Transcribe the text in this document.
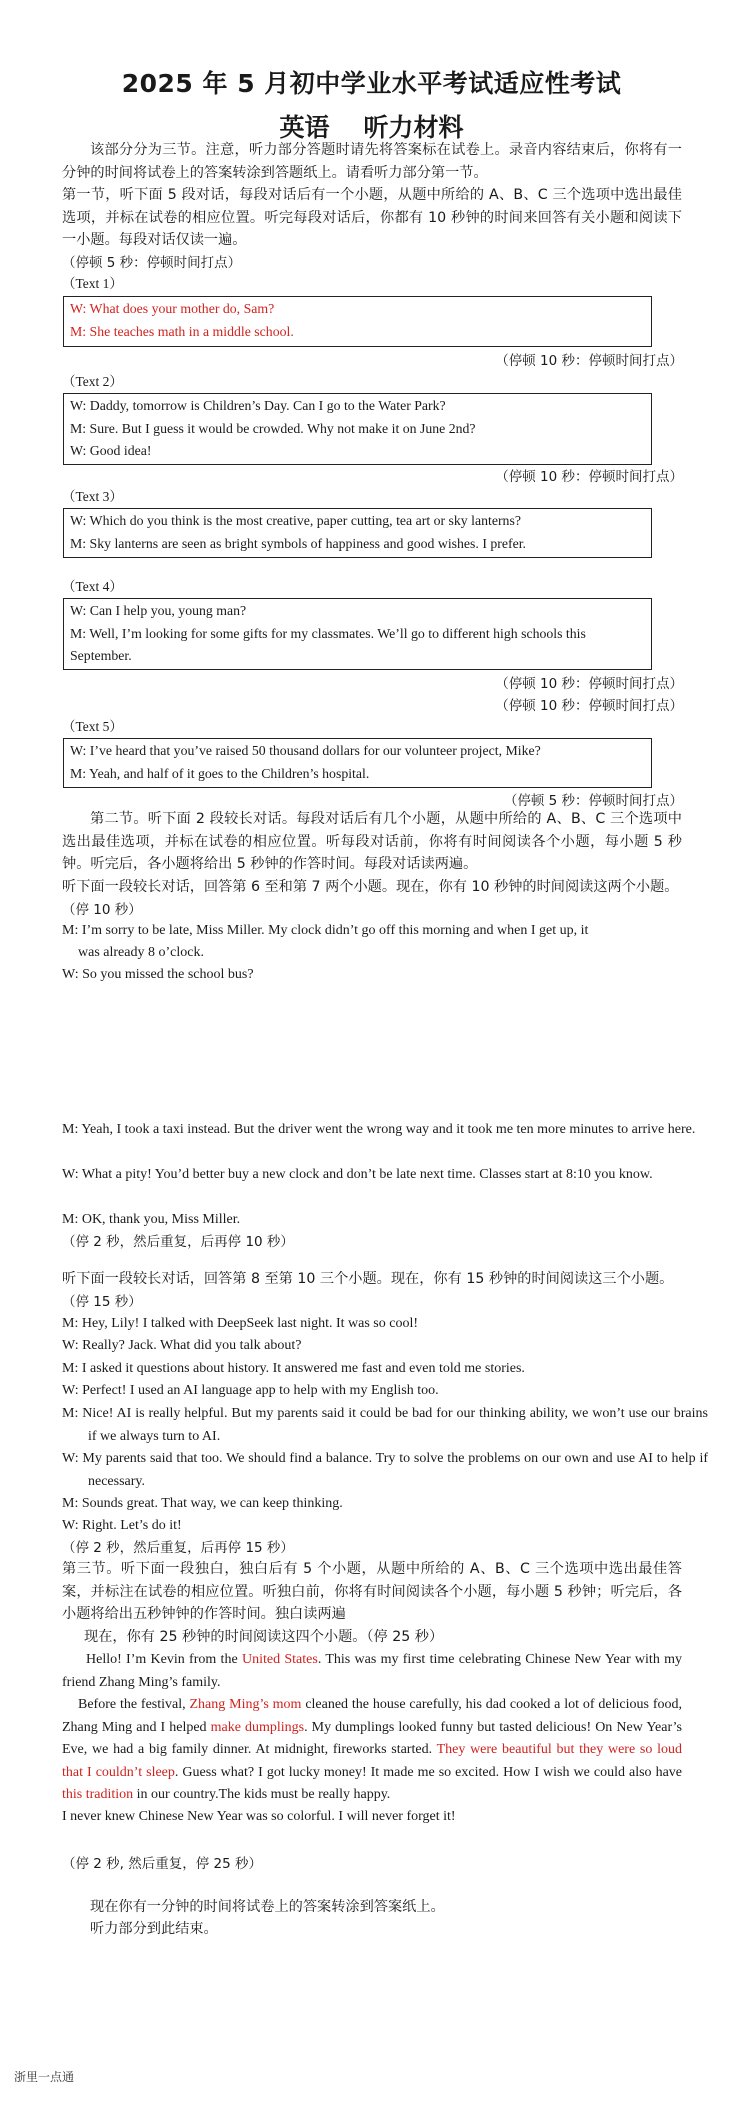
2025 年 5 月初中学业水平考试适应性考试
英语 听力材料
该部分分为三节。注意，听力部分答题时请先将答案标在试卷上。录音内容结束后，你将有一分钟的时间将试卷上的答案转涂到答题纸上。请看听力部分第一节。
第一节，听下面 5 段对话，每段对话后有一个小题，从题中所给的 A、B、C 三个选项中选出最佳选项，并标在试卷的相应位置。听完每段对话后，你都有 10 秒钟的时间来回答有关小题和阅读下一小题。每段对话仅读一遍。
（停顿 5 秒：停顿时间打点）
（Text 1）
W: What does your mother do, Sam?
M: She teaches math in a middle school.
（停顿 10 秒：停顿时间打点）
（Text 2）
W: Daddy, tomorrow is Children’s Day. Can I go to the Water Park?
M: Sure. But I guess it would be crowded. Why not make it on June 2nd?
W: Good idea!
（停顿 10 秒：停顿时间打点）
（Text 3）
W: Which do you think is the most creative, paper cutting, tea art or sky lanterns?
M: Sky lanterns are seen as bright symbols of happiness and good wishes. I prefer.
（Text 4）
W: Can I help you, young man?
M: Well, I’m looking for some gifts for my classmates. We’ll go to different high schools this
September.
（停顿 10 秒：停顿时间打点）
（停顿 10 秒：停顿时间打点）
（Text 5）
W: I’ve heard that you’ve raised 50 thousand dollars for our volunteer project, Mike?
M: Yeah, and half of it goes to the Children’s hospital.
（停顿 5 秒：停顿时间打点）
第二节。听下面 2 段较长对话。每段对话后有几个小题，从题中所给的 A、B、C 三个选项中选出最佳选项，并标在试卷的相应位置。听每段对话前，你将有时间阅读各个小题，每小题 5 秒钟。听完后，各小题将给出 5 秒钟的作答时间。每段对话读两遍。
听下面一段较长对话，回答第 6 至和第 7 两个小题。现在，你有 10 秒钟的时间阅读这两个小题。
（停 10 秒）
M: I’m sorry to be late, Miss Miller. My clock didn’t go off this morning and when I get up, it
was already 8 o’clock.
W: So you missed the school bus?
M: Yeah, I took a taxi instead. But the driver went the wrong way and it took me ten more minutes to arrive here.
W: What a pity! You’d better buy a new clock and don’t be late next time. Classes start at 8:10 you know.
M: OK, thank you, Miss Miller.
（停 2 秒，然后重复，后再停 10 秒）
听下面一段较长对话，回答第 8 至第 10 三个小题。现在，你有 15 秒钟的时间阅读这三个小题。
（停 15 秒）
M: Hey, Lily! I talked with DeepSeek last night. It was so cool!
W: Really? Jack. What did you talk about?
M: I asked it questions about history. It answered me fast and even told me stories.
W: Perfect! I used an AI language app to help with my English too.
M: Nice! AI is really helpful. But my parents said it could be bad for our thinking ability, we won’t use our brains if we always turn to AI.
W: My parents said that too. We should find a balance. Try to solve the problems on our own and use AI to help if necessary.
M: Sounds great. That way, we can keep thinking.
W: Right. Let’s do it!
（停 2 秒，然后重复，后再停 15 秒）
第三节。听下面一段独白，独白后有 5 个小题，从题中所给的 A、B、C 三个选项中选出最佳答案，并标注在试卷的相应位置。听独白前，你将有时间阅读各个小题，每小题 5 秒钟；听完后，各小题将给出五秒钟钟的作答时间。独白读两遍
现在，你有 25 秒钟的时间阅读这四个小题。（停 25 秒）
Hello! I’m Kevin from the United States. This was my first time celebrating Chinese New Year with my friend Zhang Ming’s family.
Before the festival, Zhang Ming’s mom cleaned the house carefully, his dad cooked a lot of delicious food, Zhang Ming and I helped make dumplings. My dumplings looked funny but tasted delicious! On New Year’s Eve, we had a big family dinner. At midnight, fireworks started. They were beautiful but they were so loud that I couldn’t sleep. Guess what? I got lucky money! It made me so excited. How I wish we could also have this tradition in our country.The kids must be really happy.
I never knew Chinese New Year was so colorful. I will never forget it!
（停 2 秒, 然后重复，停 25 秒）
现在你有一分钟的时间将试卷上的答案转涂到答案纸上。
听力部分到此结束。
浙里一点通
